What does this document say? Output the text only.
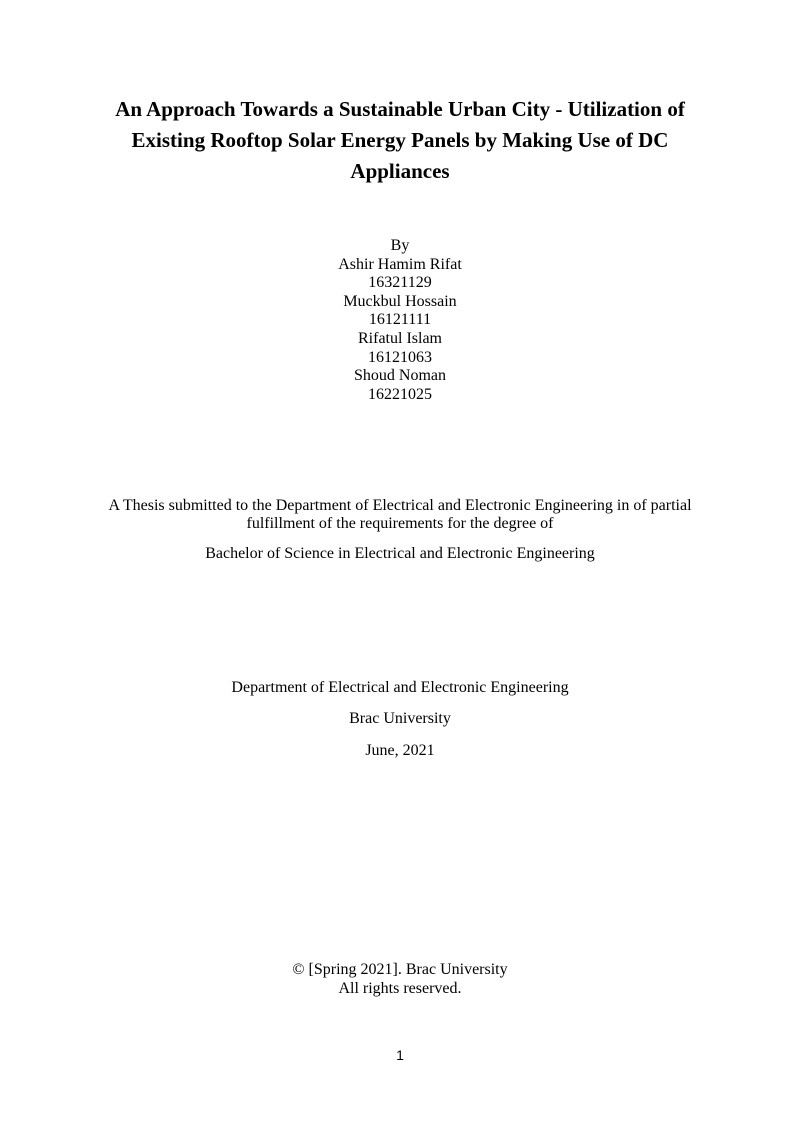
An Approach Towards a Sustainable Urban City - Utilization of
Existing Rooftop Solar Energy Panels by Making Use of DC
Appliances
By
Ashir Hamim Rifat
16321129
Muckbul Hossain
16121111
Rifatul Islam
16121063
Shoud Noman
16221025
A Thesis submitted to the Department of Electrical and Electronic Engineering in of partial
fulfillment of the requirements for the degree of
Bachelor of Science in Electrical and Electronic Engineering
Department of Electrical and Electronic Engineering
Brac University
June, 2021
© [Spring 2021]. Brac University
All rights reserved.
1
